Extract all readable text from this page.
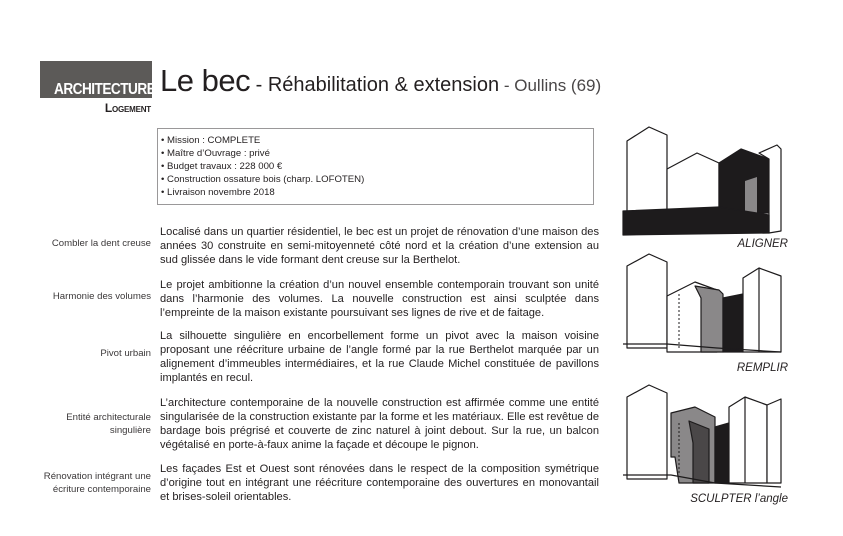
ARCHITECTURE
Logement
Le bec - Réhabilitation & extension - Oullins (69)
• Mission : COMPLETE
• Maître d’Ouvrage : privé
• Budget travaux : 228 000 €
• Construction ossature bois (charp. LOFOTEN)
• Livraison novembre 2018
Combler la dent creuse
Localisé dans un quartier résidentiel, le bec est un projet de rénovation d’une maison des années 30 construite en semi-mitoyenneté côté nord et la création d’une extension au sud glissée dans le vide formant dent creuse sur la Berthelot.
Harmonie des volumes
Le projet ambitionne la création d’un nouvel ensemble contemporain trouvant son unité dans l’harmonie des volumes. La nouvelle construction est ainsi sculptée dans l’empreinte de la maison existante poursuivant ses lignes de rive et de faitage.
Pivot urbain
La silhouette singulière en encorbellement forme un pivot avec la maison voisine proposant une réécriture urbaine de l’angle formé par la rue Berthelot marquée par un alignement d’immeubles intermédiaires, et la rue Claude Michel constituée de pavillons implantés en recul.
Entité architecturale singulière
L’architecture contemporaine de la nouvelle construction est affirmée comme une entité singularisée de la construction existante par la forme et les matériaux. Elle est revêtue de bardage bois prégrisé et couverte de zinc naturel à joint debout. Sur la rue, un balcon végétalisé en porte-à-faux anime la façade et découpe le pignon.
Rénovation intégrant une écriture contemporaine
Les façades Est et Ouest sont rénovées dans le respect de la composition symétrique d’origine tout en intégrant une réécriture contemporaine des ouvertures en monovantail et brises-soleil orientables.
ALIGNER
REMPLIR
SCULPTER l’angle
